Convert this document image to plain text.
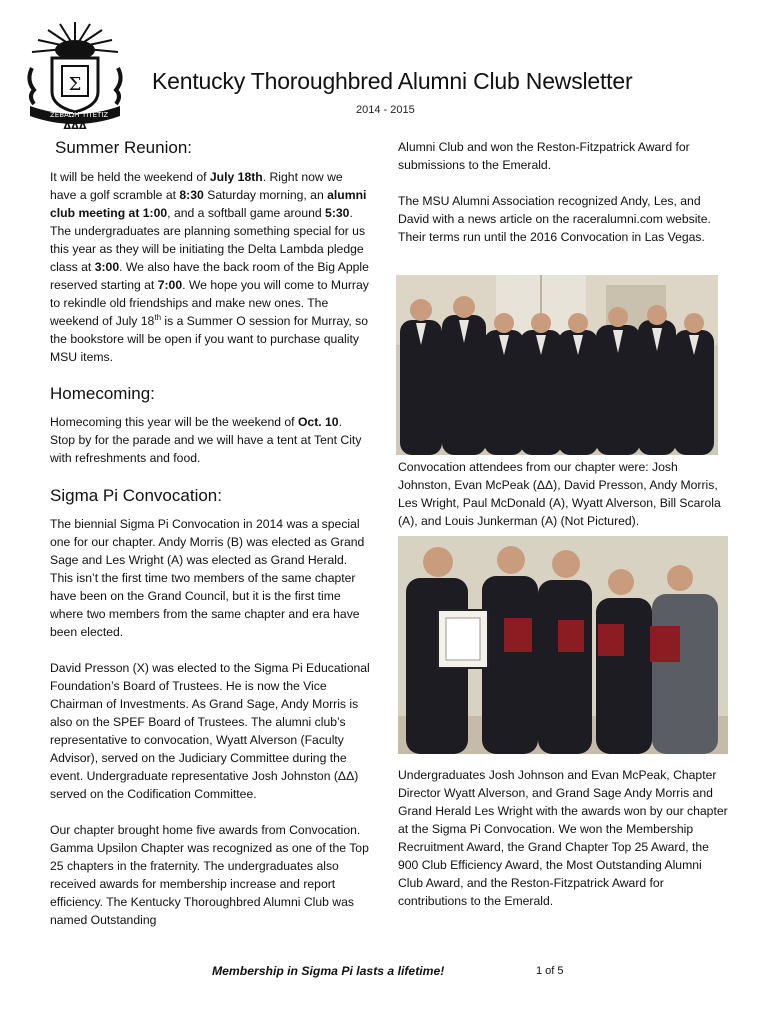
Σ
ZEBAΩH TITETIZ
ΔΔΔ
Kentucky Thoroughbred Alumni Club Newsletter
2014 - 2015
Summer Reunion:

It will be held the weekend of July 18th. Right now we have a golf scramble at 8:30 Saturday morning, an alumni club meeting at 1:00, and a softball game around 5:30. The undergraduates are planning something special for us this year as they will be initiating the Delta Lambda pledge class at 3:00. We also have the back room of the Big Apple reserved starting at 7:00. We hope you will come to Murray to rekindle old friendships and make new ones. The weekend of July 18th is a Summer O session for Murray, so the bookstore will be open if you want to purchase quality MSU items.

Homecoming:

Homecoming this year will be the weekend of Oct. 10. Stop by for the parade and we will have a tent at Tent City with refreshments and food.

Sigma Pi Convocation:

The biennial Sigma Pi Convocation in 2014 was a special one for our chapter. Andy Morris (B) was elected as Grand Sage and Les Wright (A) was elected as Grand Herald. This isn’t the first time two members of the same chapter have been on the Grand Council, but it is the first time where two members from the same chapter and era have been elected.

David Presson (X) was elected to the Sigma Pi Educational Foundation’s Board of Trustees. He is now the Vice Chairman of Investments. As Grand Sage, Andy Morris is also on the SPEF Board of Trustees. The alumni club’s representative to convocation, Wyatt Alverson (Faculty Advisor), served on the Judiciary Committee during the event. Undergraduate representative Josh Johnston (ΔΔ) served on the Codification Committee.

Our chapter brought home five awards from Convocation. Gamma Upsilon Chapter was recognized as one of the Top 25 chapters in the fraternity. The undergraduates also received awards for membership increase and report efficiency. The Kentucky Thoroughbred Alumni Club was named Outstanding

Alumni Club and won the Reston-Fitzpatrick Award for submissions to the Emerald.

The MSU Alumni Association recognized Andy, Les, and David with a news article on the raceralumni.com website. Their terms run until the 2016 Convocation in Las Vegas.

Convocation attendees from our chapter were: Josh Johnston, Evan McPeak (ΔΔ), David Presson, Andy Morris, Les Wright, Paul McDonald (A), Wyatt Alverson, Bill Scarola (A), and Louis Junkerman (A) (Not Pictured).
Undergraduates Josh Johnson and Evan McPeak, Chapter Director Wyatt Alverson, and Grand Sage Andy Morris and Grand Herald Les Wright with the awards won by our chapter at the Sigma Pi Convocation. We won the Membership Recruitment Award, the Grand Chapter Top 25 Award, the 900 Club Efficiency Award, the Most Outstanding Alumni Club Award, and the Reston-Fitzpatrick Award for contributions to the Emerald.
Membership in Sigma Pi lasts a lifetime!	1 of 5
